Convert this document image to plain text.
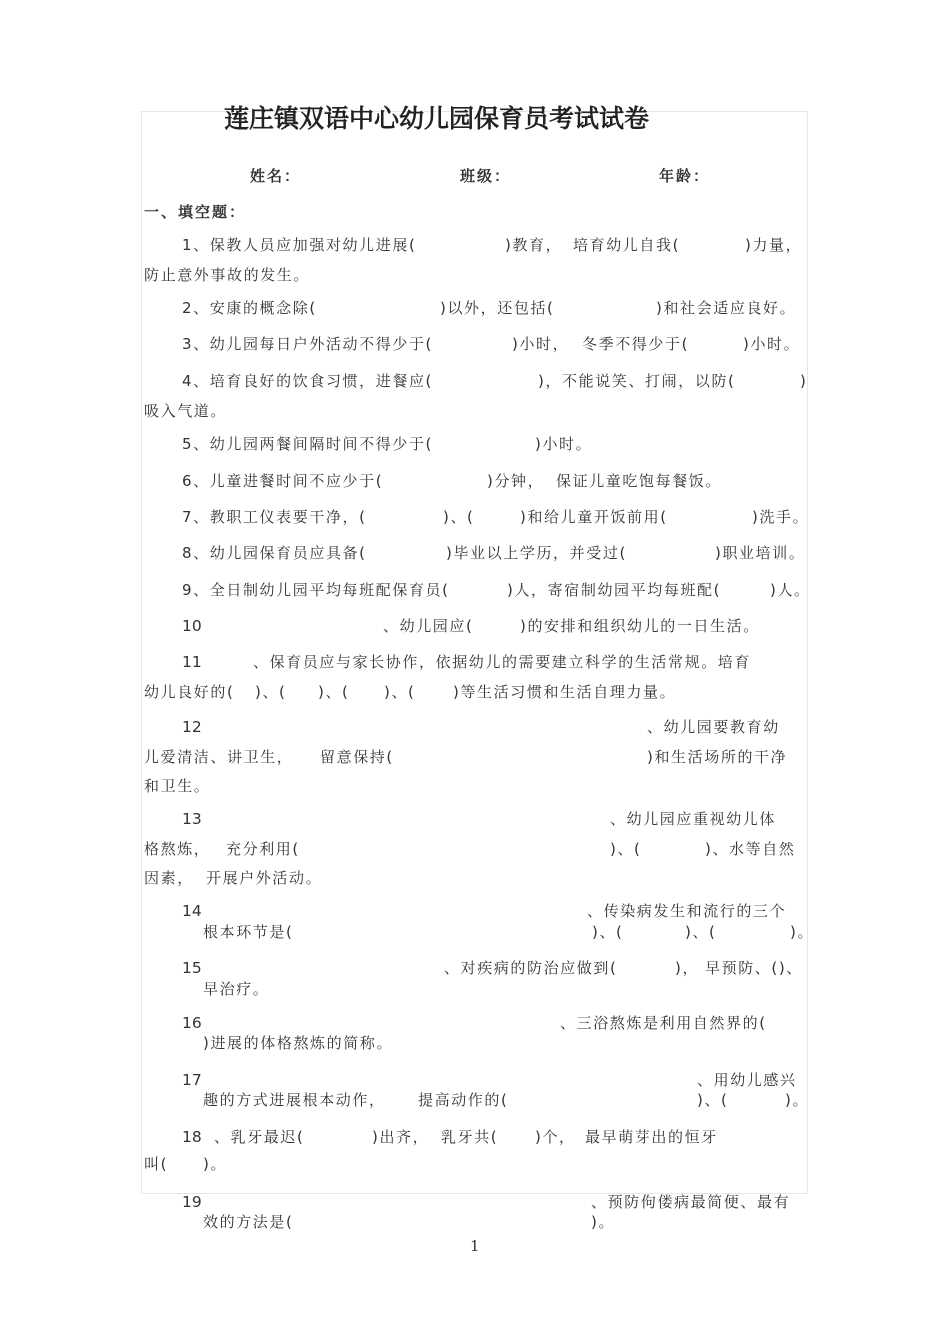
莲庄镇双语中心幼儿园保育员考试试卷
姓名：	班级：	年龄：
一、填空题：
1、保教人员应加强对幼儿进展(	)教育， 培育幼儿自我(	)力量，
防止意外事故的发生。
2、安康的概念除(	)以外，还包括(	)和社会适应良好。
3、幼儿园每日户外活动不得少于(	)小时， 冬季不得少于(	)小时。
4、培育良好的饮食习惯，进餐应(	)，不能说笑、打闹，以防(	)
吸入气道。
5、幼儿园两餐间隔时间不得少于(	)小时。
6、儿童进餐时间不应少于(	)分钟， 保证儿童吃饱每餐饭。
7、教职工仪表要干净，(	)、(	)和给儿童开饭前用(	)洗手。
8、幼儿园保育员应具备(	)毕业以上学历，并受过(	)职业培训。
9、全日制幼儿园平均每班配保育员(	)人，寄宿制幼园平均每班配(	)人。
10	、幼儿园应(	)的安排和组织幼儿的一日生活。
11	、保育员应与家长协作，依据幼儿的需要建立科学的生活常规。培育
幼儿良好的( )、( )、( )、( )等生活习惯和生活自理力量。
12	、幼儿园要教育幼
儿爱清洁、讲卫生， 留意保持(	)和生活场所的干净
和卫生。
13	、幼儿园应重视幼儿体
格熬炼， 充分利用(	)、(	)、水等自然
因素， 开展户外活动。
14	、传染病发生和流行的三个
根本环节是(	)、(	)、(	)。
15	、对疾病的防治应做到(	)， 早预防、()、
早治疗。
16	、三浴熬炼是利用自然界的(
)进展的体格熬炼的简称。
17	、用幼儿感兴
趣的方式进展根本动作， 提高动作的(	)、(	)。
18 、乳牙最迟(	)出齐， 乳牙共( )个， 最早萌芽出的恒牙
叫( )。
19	、预防佝偻病最简便、最有
效的方法是(	)。
1
